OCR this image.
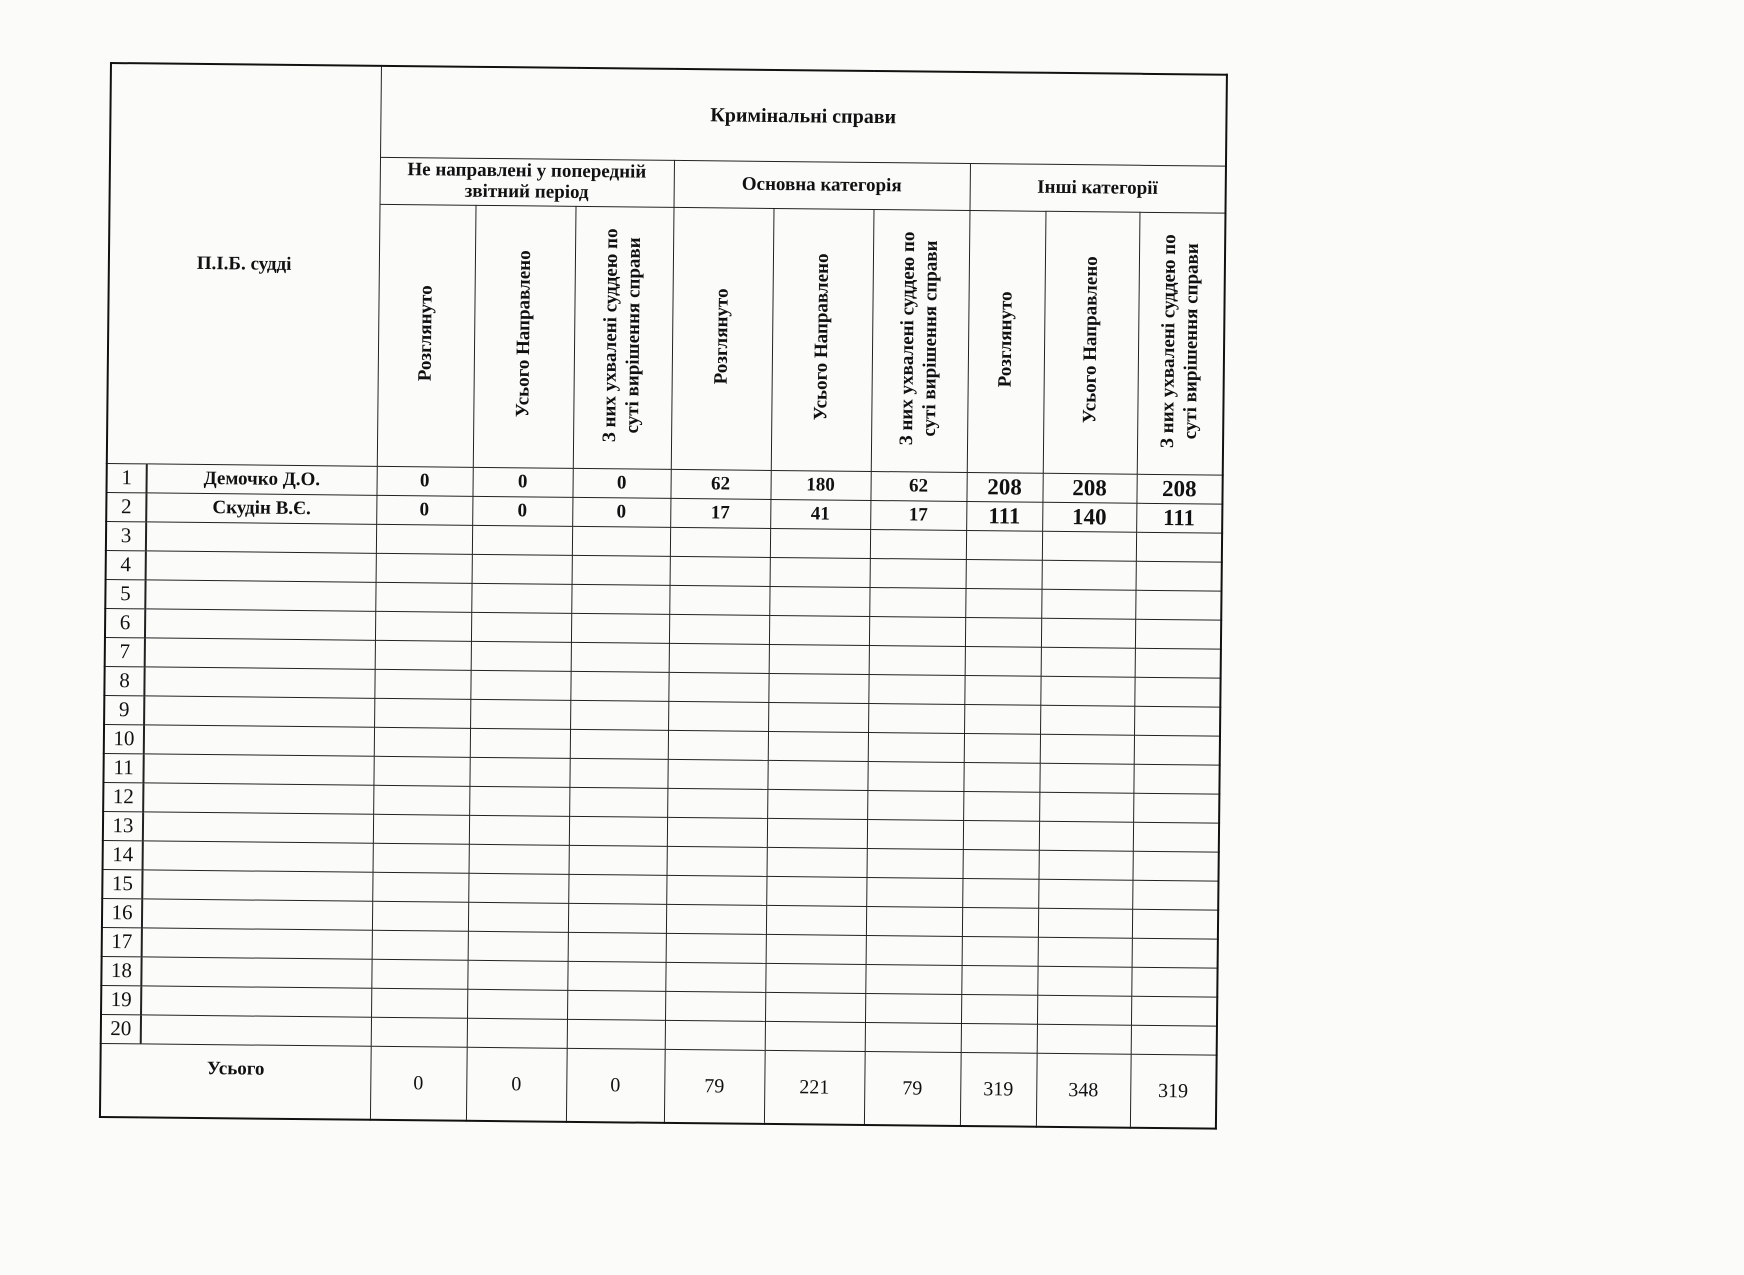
П.І.Б. судді		Кримінальні справи								
		Не направлені у попередній звітний період			Основна категорія			Інші категорії		
		Розглянуто	Усього Направлено	З них ухвалені суддею по суті вирішення справи	Розглянуто	Усього Направлено	З них ухвалені суддею по суті вирішення справи	Розглянуто	Усього Направлено	З них ухвалені суддею по суті вирішення справи
1	Демочко Д.О.	0	0	0	62	180	62	208	208	208
2	Скудін В.Є.	0	0	0	17	41	17	111	140	111
3										
4										
5										
6										
7										
8										
9										
10										
11										
12										
13										
14										
15										
16										
17										
18										
19										
20										
Усього		0	0	0	79	221	79	319	348	319
